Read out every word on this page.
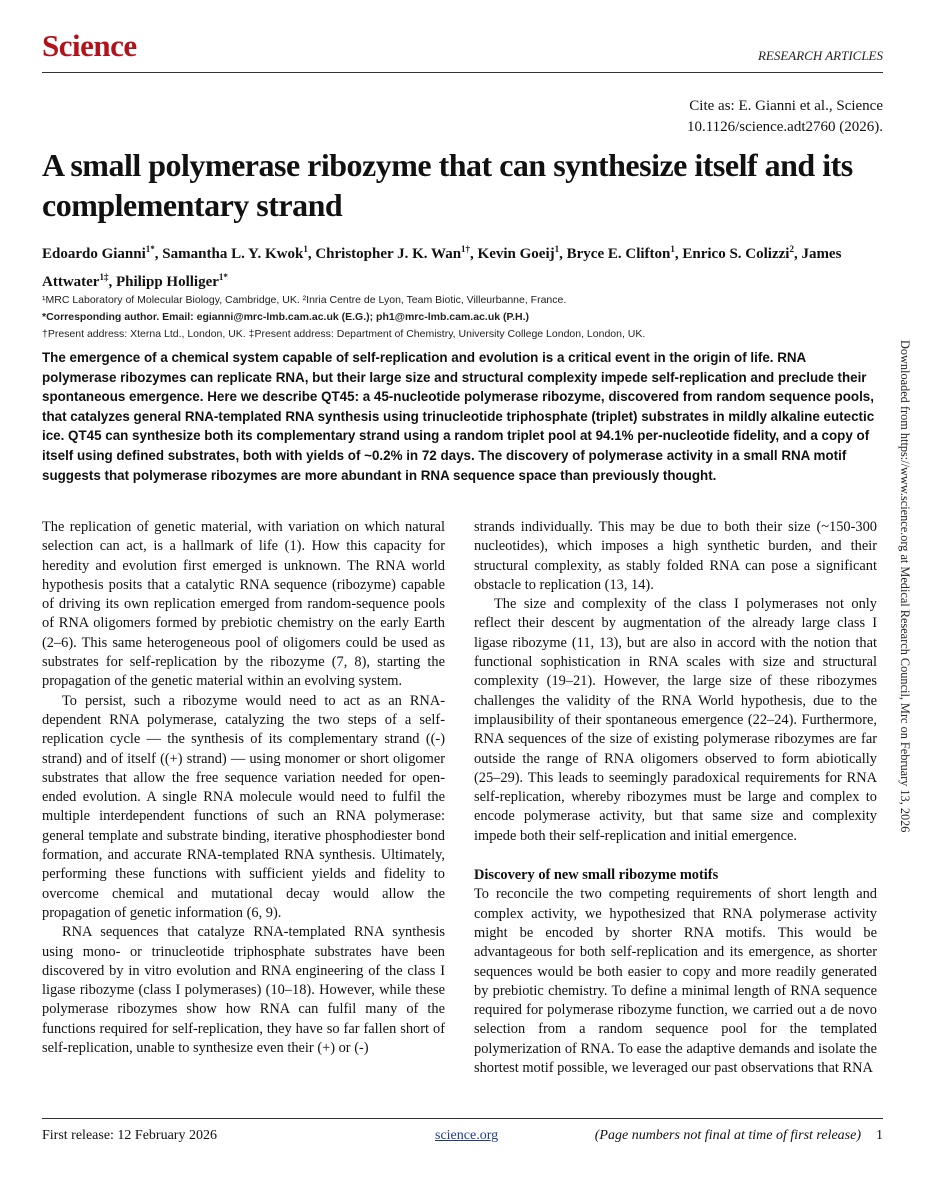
Science	RESEARCH ARTICLES
Cite as: E. Gianni et al., Science
10.1126/science.adt2760 (2026).
A small polymerase ribozyme that can synthesize itself and its complementary strand
Edoardo Gianni$^{1*}$, Samantha L. Y. Kwok$^1$, Christopher J. K. Wan$^{1\dagger}$, Kevin Goeij$^1$, Bryce E. Clifton$^1$, Enrico S. Colizzi$^2$, James Attwater$^{1\ddagger}$, Philipp Holliger$^{1*}$
¹MRC Laboratory of Molecular Biology, Cambridge, UK. ²Inria Centre de Lyon, Team Biotic, Villeurbanne, France.
*Corresponding author. Email: egianni@mrc-lmb.cam.ac.uk (E.G.); ph1@mrc-lmb.cam.ac.uk (P.H.)
†Present address: Xterna Ltd., London, UK. ‡Present address: Department of Chemistry, University College London, London, UK.

The emergence of a chemical system capable of self-replication and evolution is a critical event in the origin of life. RNA polymerase ribozymes can replicate RNA, but their large size and structural complexity impede self-replication and preclude their spontaneous emergence. Here we describe QT45: a 45-nucleotide polymerase ribozyme, discovered from random sequence pools, that catalyzes general RNA-templated RNA synthesis using trinucleotide triphosphate (triplet) substrates in mildly alkaline eutectic ice. QT45 can synthesize both its complementary strand using a random triplet pool at 94.1% per-nucleotide fidelity, and a copy of itself using defined substrates, both with yields of ~0.2% in 72 days. The discovery of polymerase activity in a small RNA motif suggests that polymerase ribozymes are more abundant in RNA sequence space than previously thought.

The replication of genetic material, with variation on which natural selection can act, is a hallmark of life (1). How this capacity for heredity and evolution first emerged is unknown. The RNA world hypothesis posits that a catalytic RNA sequence (ribozyme) capable of driving its own replication emerged from random-sequence pools of RNA oligomers formed by prebiotic chemistry on the early Earth (2–6). This same heterogeneous pool of oligomers could be used as substrates for self-replication by the ribozyme (7, 8), starting the propagation of the genetic material within an evolving system.

To persist, such a ribozyme would need to act as an RNA-dependent RNA polymerase, catalyzing the two steps of a self-replication cycle — the synthesis of its complementary strand ((-) strand) and of itself ((+) strand) — using monomer or short oligomer substrates that allow the free sequence variation needed for open-ended evolution. A single RNA molecule would need to fulfil the multiple interdependent functions of such an RNA polymerase: general template and substrate binding, iterative phosphodiester bond formation, and accurate RNA-templated RNA synthesis. Ultimately, performing these functions with sufficient yields and fidelity to overcome chemical and mutational decay would allow the propagation of genetic information (6, 9).

RNA sequences that catalyze RNA-templated RNA synthesis using mono- or trinucleotide triphosphate substrates have been discovered by in vitro evolution and RNA engineering of the class I ligase ribozyme (class I polymerases) (10–18). However, while these polymerase ribozymes show how RNA can fulfil many of the functions required for self-replication, they have so far fallen short of self-replication, unable to synthesize even their (+) or (-)

strands individually. This may be due to both their size (~150-300 nucleotides), which imposes a high synthetic burden, and their structural complexity, as stably folded RNA can pose a significant obstacle to replication (13, 14).

The size and complexity of the class I polymerases not only reflect their descent by augmentation of the already large class I ligase ribozyme (11, 13), but are also in accord with the notion that functional sophistication in RNA scales with size and structural complexity (19–21). However, the large size of these ribozymes challenges the validity of the RNA World hypothesis, due to the implausibility of their spontaneous emergence (22–24). Furthermore, RNA sequences of the size of existing polymerase ribozymes are far outside the range of RNA oligomers observed to form abiotically (25–29). This leads to seemingly paradoxical requirements for RNA self-replication, whereby ribozymes must be large and complex to encode polymerase activity, but that same size and complexity impede both their self-replication and initial emergence.

Discovery of new small ribozyme motifs

To reconcile the two competing requirements of short length and complex activity, we hypothesized that RNA polymerase activity might be encoded by shorter RNA motifs. This would be advantageous for both self-replication and its emergence, as shorter sequences would be both easier to copy and more readily generated by prebiotic chemistry. To define a minimal length of RNA sequence required for polymerase ribozyme function, we carried out a de novo selection from a random sequence pool for the templated polymerization of RNA. To ease the adaptive demands and isolate the shortest motif possible, we leveraged our past observations that RNA

Downloaded from https://www.science.org at Medical Research Council, Mrc on February 13, 2026
First release: 12 February 2026	science.org	(Page numbers not final at time of first release) 1
